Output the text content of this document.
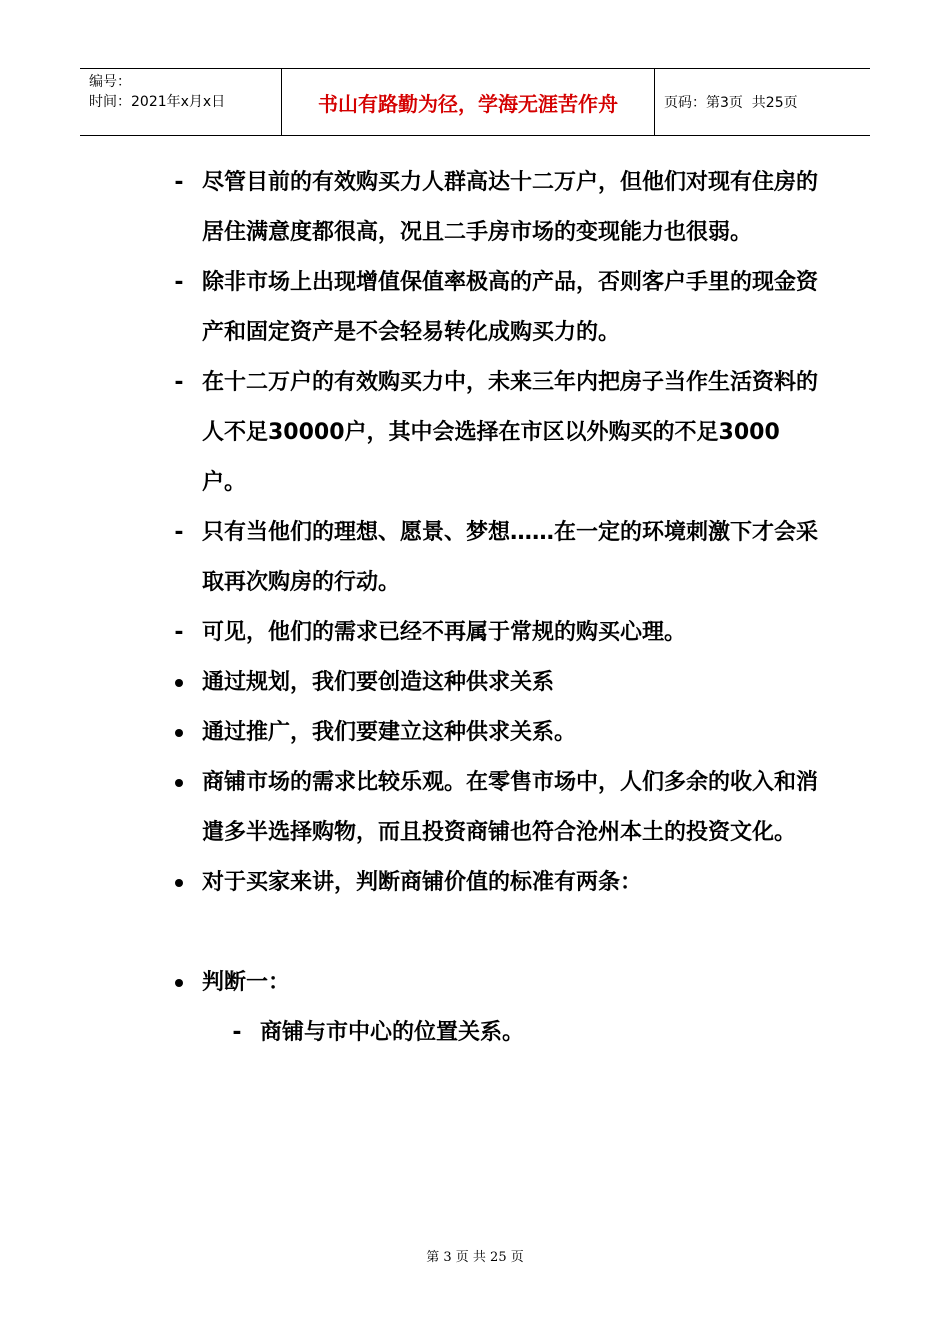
编号：
时间：2021年x月x日	书山有路勤为径，学海无涯苦作舟	页码：第3页  共25页
- 尽管目前的有效购买力人群高达十二万户，但他们对现有住房的居住满意度都很高，况且二手房市场的变现能力也很弱。
- 除非市场上出现增值保值率极高的产品，否则客户手里的现金资产和固定资产是不会轻易转化成购买力的。
- 在十二万户的有效购买力中，未来三年内把房子当作生活资料的人不足30000户，其中会选择在市区以外购买的不足3000户。
- 只有当他们的理想、愿景、梦想……在一定的环境刺激下才会采取再次购房的行动。
- 可见，他们的需求已经不再属于常规的购买心理。
通过规划，我们要创造这种供求关系
通过推广，我们要建立这种供求关系。
商铺市场的需求比较乐观。在零售市场中，人们多余的收入和消遣多半选择购物，而且投资商铺也符合沧州本土的投资文化。
对于买家来讲，判断商铺价值的标准有两条：
判断一：
- 商铺与市中心的位置关系。
第 3 页 共 25 页
